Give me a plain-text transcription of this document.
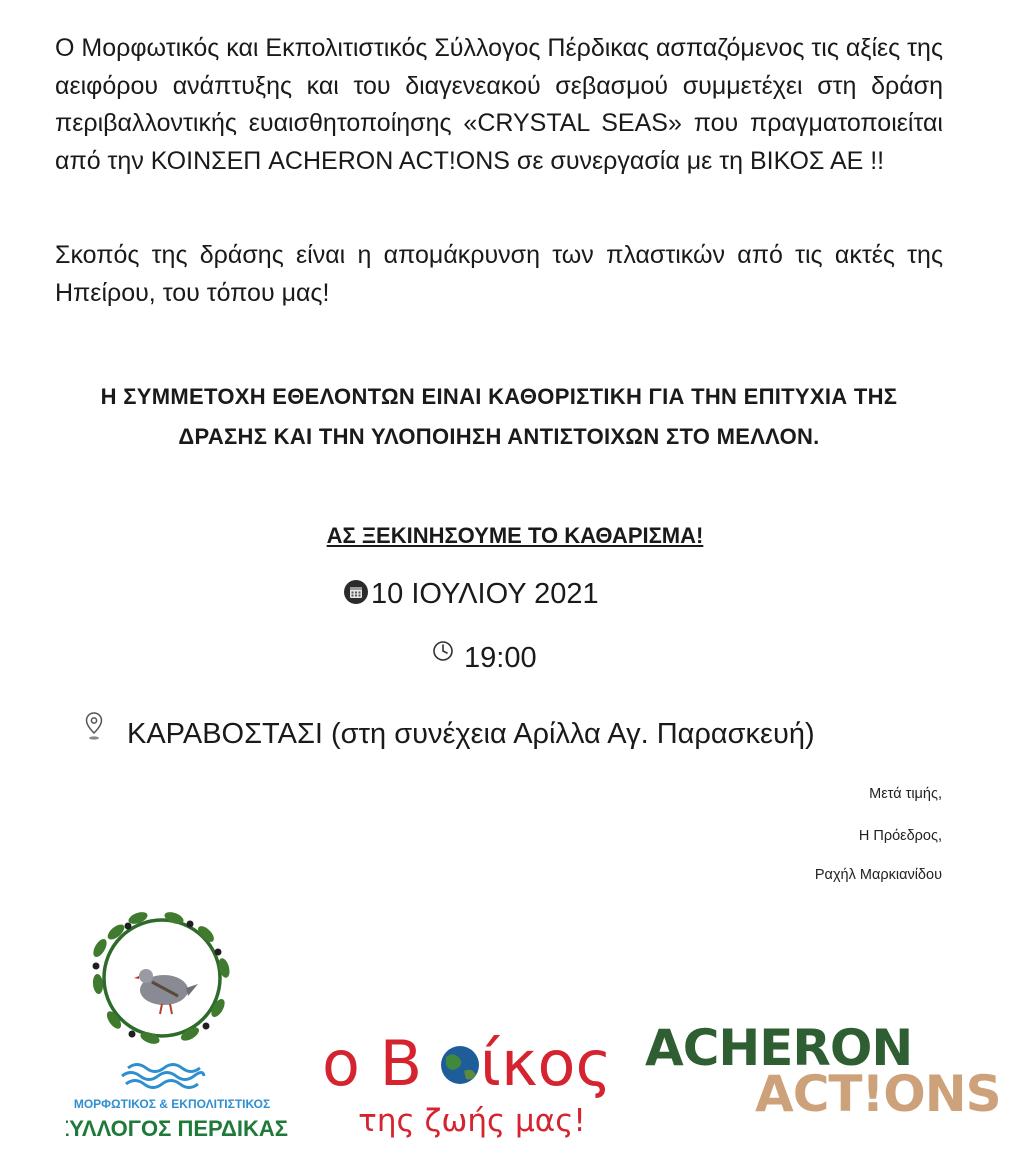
Ο Μορφωτικός και Εκπολιτιστικός Σύλλογος Πέρδικας ασπαζόμενος τις αξίες της αειφόρου ανάπτυξης και του διαγενεακού σεβασμού συμμετέχει στη δράση περιβαλλοντικής ευαισθητοποίησης «CRYSTAL SEAS» που πραγματοποιείται από την ΚΟΙΝΣΕΠ ACHERON ACT!ONS σε συνεργασία με τη ΒΙΚΟΣ ΑΕ !!

Σκοπός της δράσης είναι η απομάκρυνση των πλαστικών από τις ακτές της Ηπείρου, του τόπου μας!

Η ΣΥΜΜΕΤΟΧΗ ΕΘΕΛΟΝΤΩΝ ΕΙΝΑΙ ΚΑΘΟΡΙΣΤΙΚΗ ΓΙΑ ΤΗΝ ΕΠΙΤΥΧΙΑ ΤΗΣ
ΔΡΑΣΗΣ ΚΑΙ ΤΗΝ ΥΛΟΠΟΙΗΣΗ ΑΝΤΙΣΤΟΙΧΩΝ ΣΤΟ ΜΕΛΛΟΝ.
ΑΣ ΞΕΚΙΝΗΣΟΥΜΕ ΤΟ ΚΑΘΑΡΙΣΜΑ!
10 ΙΟΥΛΙΟΥ 2021
19:00
ΚΑΡΑΒΟΣΤΑΣΙ (στη συνέχεια Αρίλλα Αγ. Παρασκευή)
Μετά τιμής,
Η Πρόεδρος,
Ραχήλ Μαρκιανίδου
ΜΟΡΦΩΤΙΚΟΣ & ΕΚΠΟΛΙΤΙΣΤΙΚΟΣ
ΣΥΛΛΟΓΟΣ ΠΕΡΔΙΚΑΣ
ο Β ίκος
της ζωής μας!
ACHERON
ACT!ONS
